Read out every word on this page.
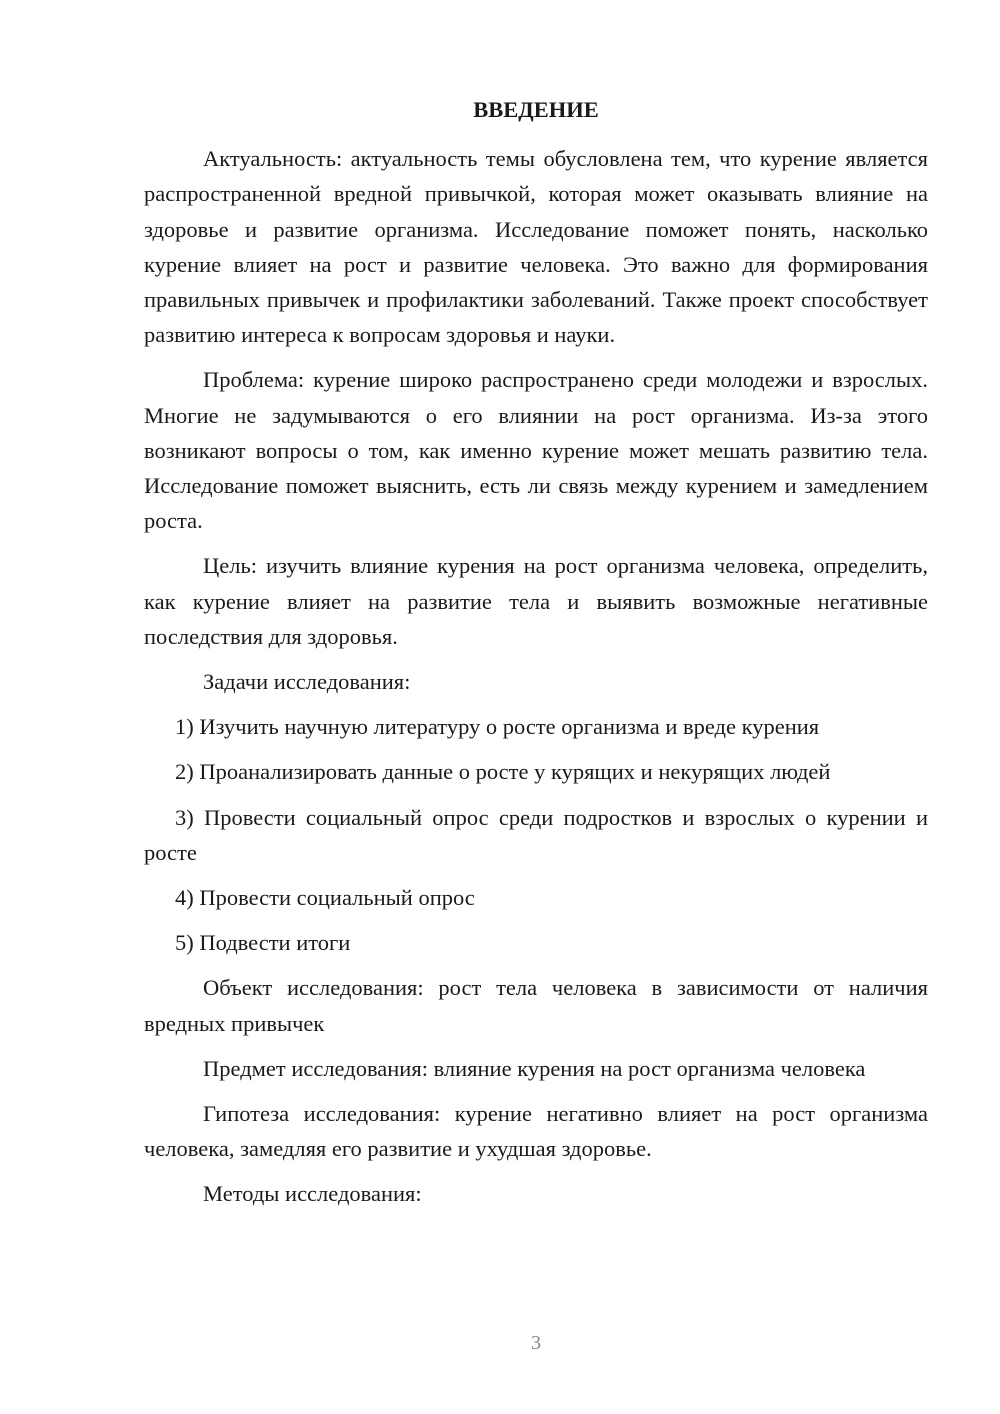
ВВЕДЕНИЕ
Актуальность: актуальность темы обусловлена тем, что курение является распространенной вредной привычкой, которая может оказывать влияние на здоровье и развитие организма. Исследование поможет понять, насколько курение влияет на рост и развитие человека. Это важно для формирования правильных привычек и профилактики заболеваний. Также проект способствует развитию интереса к вопросам здоровья и науки.
Проблема: курение широко распространено среди молодежи и взрослых. Многие не задумываются о его влиянии на рост организма. Из-за этого возникают вопросы о том, как именно курение может мешать развитию тела. Исследование поможет выяснить, есть ли связь между курением и замедлением роста.
Цель: изучить влияние курения на рост организма человека, определить, как курение влияет на развитие тела и выявить возможные негативные последствия для здоровья.
Задачи исследования:
1) Изучить научную литературу о росте организма и вреде курения
2) Проанализировать данные о росте у курящих и некурящих людей
3) Провести социальный опрос среди подростков и взрослых о курении и росте
4) Провести социальный опрос
5) Подвести итоги
Объект исследования: рост тела человека в зависимости от наличия вредных привычек
Предмет исследования: влияние курения на рост организма человека
Гипотеза исследования: курение негативно влияет на рост организма человека, замедляя его развитие и ухудшая здоровье.
Методы исследования:
3
